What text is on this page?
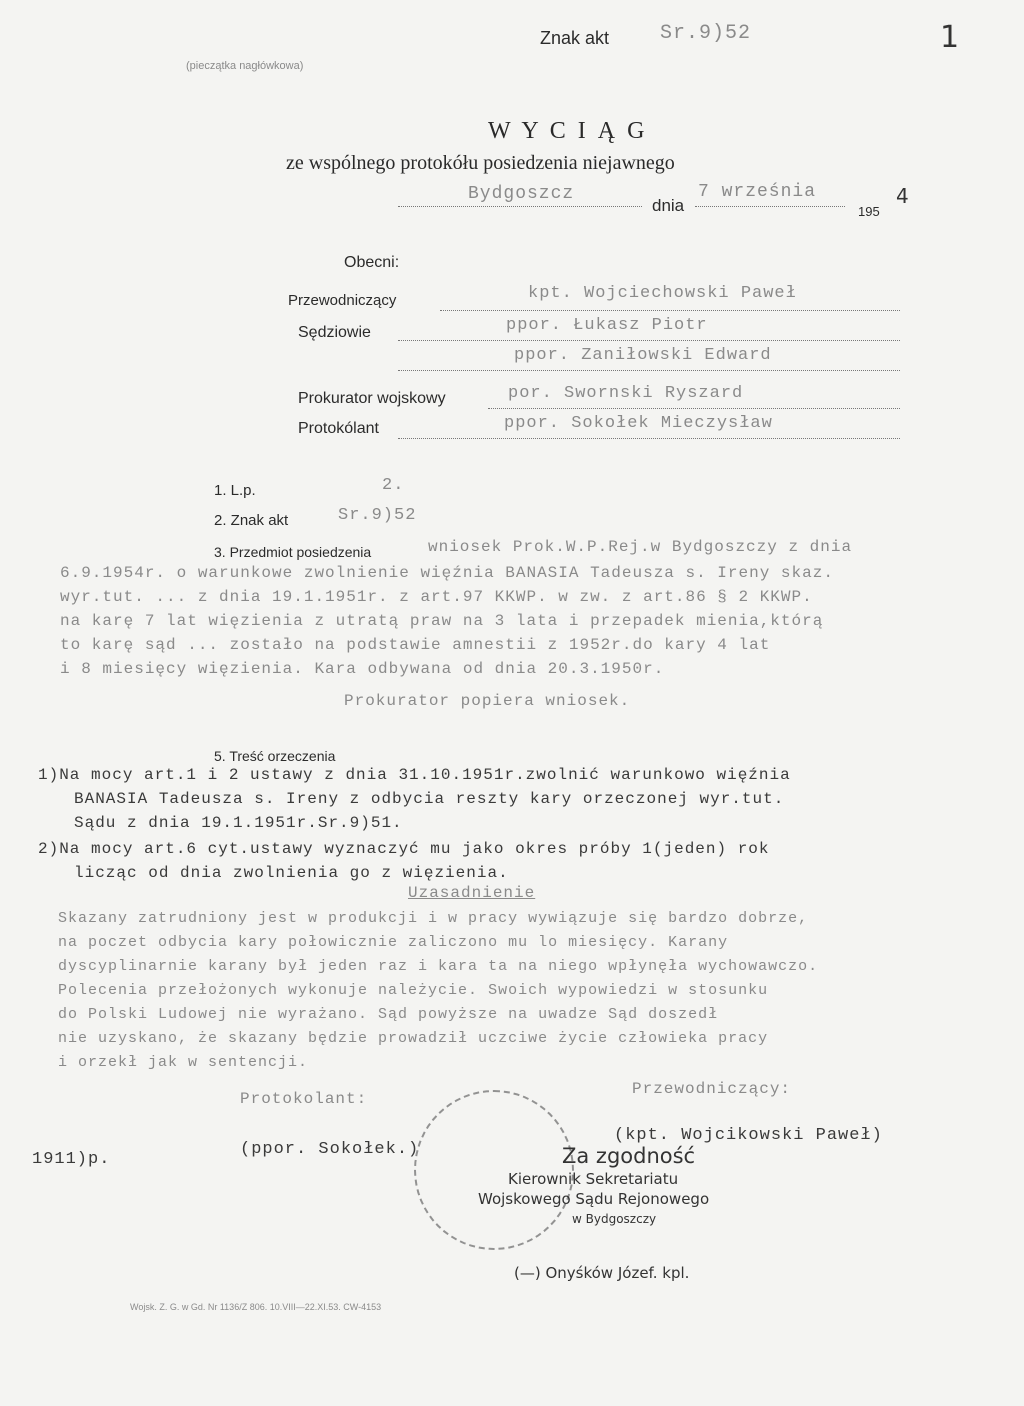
(pieczątka nagłówkowa)
Znak akt	Sr.9)52	1
W Y C I Ą G
ze wspólnego protokółu posiedzenia niejawnego
Bydgoszcz
dnia
7 września
195
4
Obecni:
Przewodniczący	kpt. Wojciechowski Paweł
Sędziowie	ppor. Łukasz Piotr
ppor. Zaniłowski Edward
Prokurator wojskowy	por. Swornski Ryszard
Protokólant	ppor. Sokołek Mieczysław
1. L.p.	2.
2. Znak akt	Sr.9)52
3. Przedmiot posiedzenia	wniosek Prok.W.P.Rej.w Bydgoszczy z dnia
6.9.1954r. o warunkowe zwolnienie więźnia BANASIA Tadeusza s. Ireny skaz.
wyr.tut. ... z dnia 19.1.1951r. z art.97 KKWP. w zw. z art.86 § 2 KKWP.
na karę 7 lat więzienia z utratą praw na 3 lata i przepadek mienia,którą
to karę sąd ... zostało na podstawie amnestii z 1952r.do kary 4 lat
i 8 miesięcy więzienia. Kara odbywana od dnia 20.3.1950r.
Prokurator popiera wniosek.
5. Treść orzeczenia
1)Na mocy art.1 i 2 ustawy z dnia 31.10.1951r.zwolnić warunkowo więźnia
BANASIA Tadeusza s. Ireny z odbycia reszty kary orzeczonej wyr.tut.
Sądu z dnia 19.1.1951r.Sr.9)51.
2)Na mocy art.6 cyt.ustawy wyznaczyć mu jako okres próby 1(jeden) rok
licząc od dnia zwolnienia go z więzienia.
Uzasadnienie
Skazany zatrudniony jest w produkcji i w pracy wywiązuje się bardzo dobrze,
na poczet odbycia kary połowicznie zaliczono mu lo miesięcy. Karany
dyscyplinarnie karany był jeden raz i kara ta na niego wpłynęła wychowawczo.
Polecenia przełożonych wykonuje należycie. Swoich wypowiedzi w stosunku
do Polski Ludowej nie wyrażano. Sąd powyższe na uwadze Sąd doszedł
nie uzyskano, że skazany będzie prowadził uczciwe życie człowieka pracy
i orzekł jak w sentencji.
Protokolant:
Przewodniczący:
(ppor. Sokołek.)
(kpt. Wojcikowski Paweł)
1911)p.	Za zgodność
Kierownik Sekretariatu
Wojskowego Sądu Rejonowego
w Bydgoszczy
(—) Onyśków Józef. kpl.
Wojsk. Z. G. w Gd. Nr 1136/Z 806. 10.VIII—22.XI.53. CW-4153
